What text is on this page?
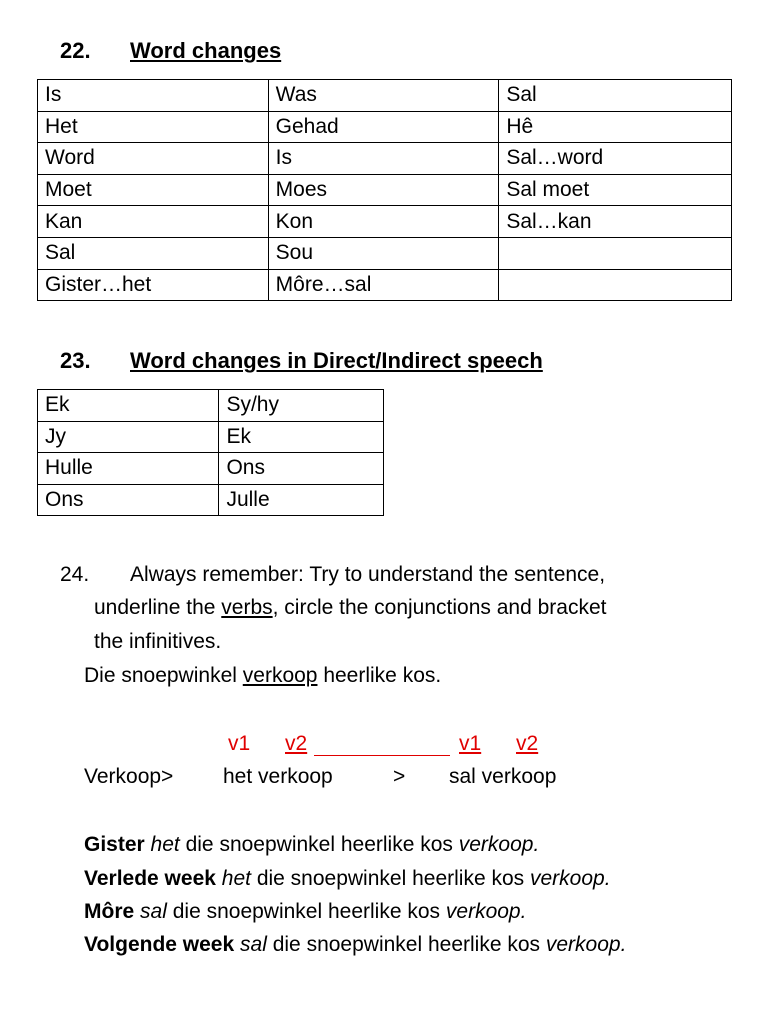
22. Word changes
Is	Was	Sal
Het	Gehad	Hê
Word	Is	Sal…word
Moet	Moes	Sal moet
Kan	Kon	Sal…kan
Sal	Sou	
Gister…het	Môre…sal	
23. Word changes in Direct/Indirect speech
Ek	Sy/hy
Jy	Ek
Hulle	Ons
Ons	Julle
24. Always remember: Try to understand the sentence,
underline the verbs, circle the conjunctions and bracket
the infinitives.
Die snoepwinkel verkoop heerlike kos.
v1 v2	v1 v2
Verkoop> het verkoop	> sal verkoop
Gister het die snoepwinkel heerlike kos verkoop.
Verlede week het die snoepwinkel heerlike kos verkoop.
Môre sal die snoepwinkel heerlike kos verkoop.
Volgende week sal die snoepwinkel heerlike kos verkoop.
